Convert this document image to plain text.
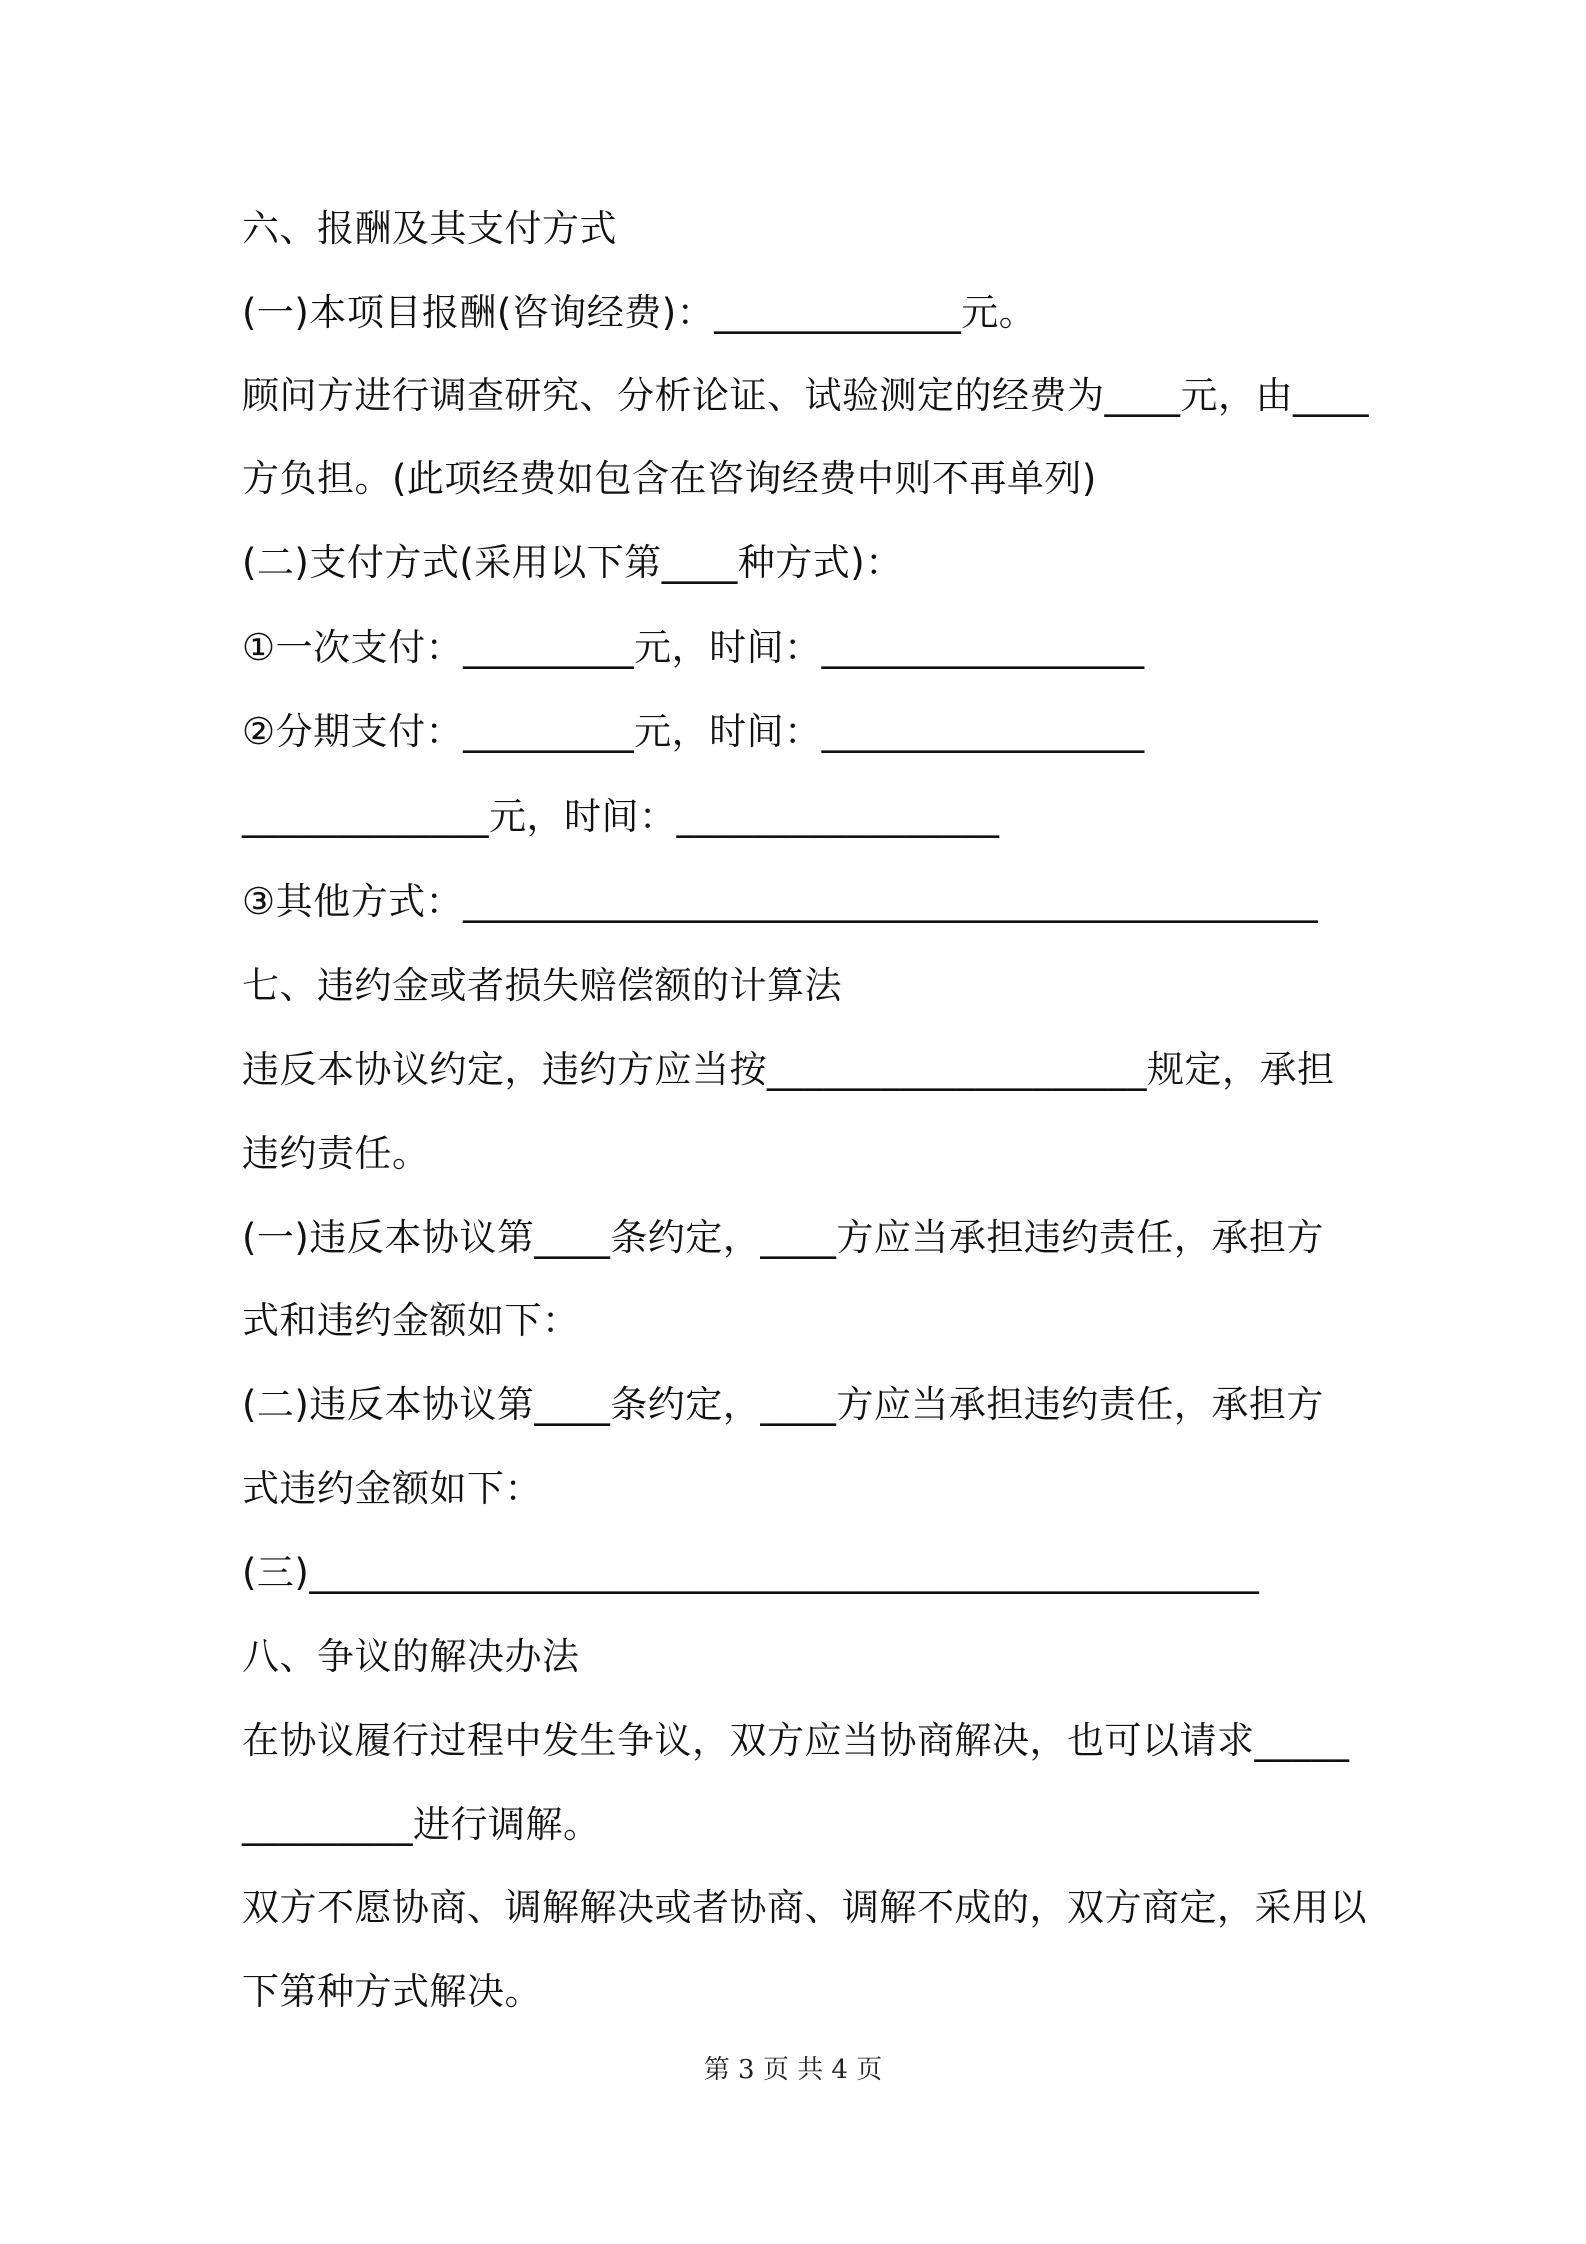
六、报酬及其支付方式
(一)本项目报酬(咨询经费)：_____________元。
顾问方进行调查研究、分析论证、试验测定的经费为____元，由____
方负担。(此项经费如包含在咨询经费中则不再单列)
(二)支付方式(采用以下第____种方式)：
①一次支付：_________元，时间：_________________
②分期支付：_________元，时间：_________________
_____________元，时间：_________________
③其他方式：_____________________________________________
七、违约金或者损失赔偿额的计算法
违反本协议约定，违约方应当按____________________规定，承担
违约责任。
(一)违反本协议第____条约定，____方应当承担违约责任，承担方
式和违约金额如下：
(二)违反本协议第____条约定，____方应当承担违约责任，承担方
式违约金额如下：
(三)__________________________________________________
八、争议的解决办法
在协议履行过程中发生争议，双方应当协商解决，也可以请求_____
_________进行调解。
双方不愿协商、调解解决或者协商、调解不成的，双方商定，采用以
下第种方式解决。
第 3 页 共 4 页
